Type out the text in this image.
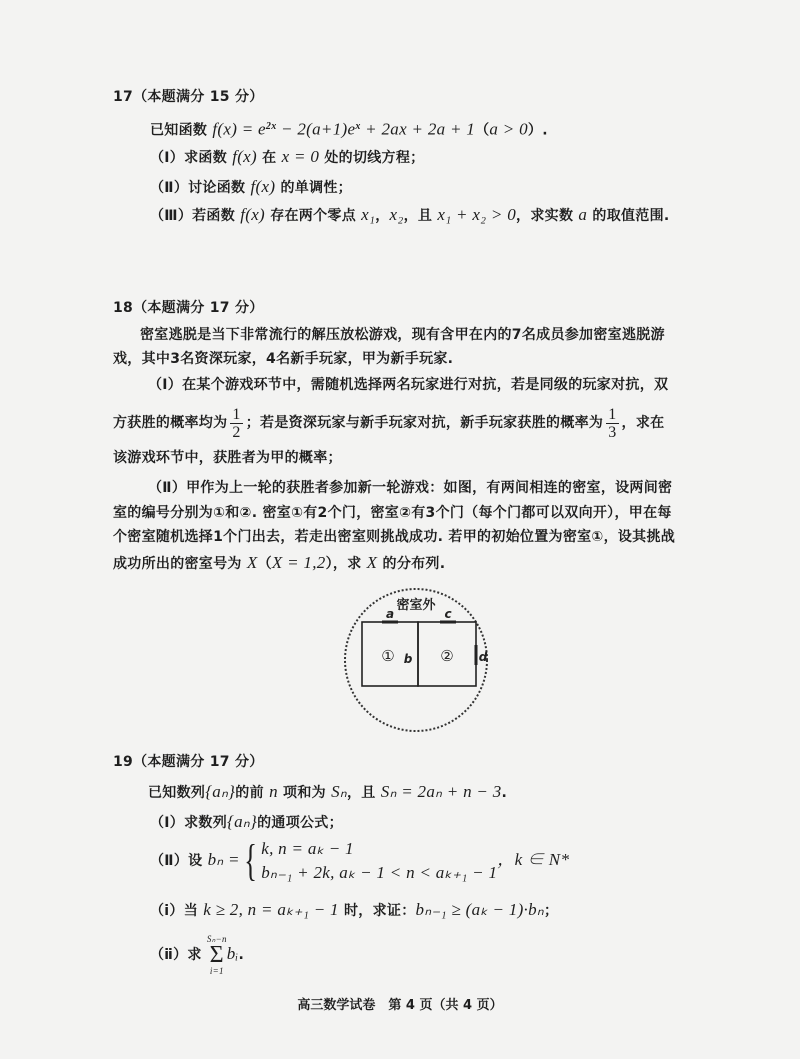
17（本题满分 15 分）
已知函数 $f(x) = e^{2x} - 2(a+1)e^x + 2ax + 2a + 1(a > 0)$.
（Ⅰ）求函数 f(x) 在 x = 0 处的切线方程；
（Ⅱ）讨论函数 f(x) 的单调性；
（Ⅲ）若函数 f(x) 存在两个零点 x₁，x₂，且 x₁ + x₂ > 0，求实数 a 的取值范围.
18（本题满分 17 分）
密室逃脱是当下非常流行的解压放松游戏，现有含甲在内的7名成员参加密室逃脱游
戏，其中3名资深玩家，4名新手玩家，甲为新手玩家.
（Ⅰ）在某个游戏环节中，需随机选择两名玩家进行对抗，若是同级的玩家对抗，双
方获胜的概率均为 $\frac{1}{2}$ ；若是资深玩家与新手玩家对抗，新手玩家获胜的概率为 $\frac{1}{3}$ ，求在
该游戏环节中，获胜者为甲的概率；
（Ⅱ）甲作为上一轮的获胜者参加新一轮游戏：如图，有两间相连的密室，设两间密
室的编号分别为①和②. 密室①有2个门，密室②有3个门（每个门都可以双向开），甲在每
个密室随机选择1个门出去，若走出密室则挑战成功. 若甲的初始位置为密室①，设其挑战
成功所出的密室号为 X（X = 1,2），求 X 的分布列.
密室外
a	c
b	d
①	②
19（本题满分 17 分）
已知数列{aₙ}的前 n 项和为 Sₙ，且 Sₙ = 2aₙ + n − 3.
（Ⅰ）求数列{aₙ}的通项公式；
（Ⅱ）设 bₙ ={ k, n = aₖ − 1
bₙ₋₁ + 2k, aₖ − 1 < n < aₖ₊₁ − 1
，k ∈ N*
（ⅰ）当 k ≥ 2, n = aₖ₊₁ − 1 时，求证：bₙ₋₁ ≥ (aₖ − 1)·bₙ；
（ⅱ）求
Sₙ−n
Σ
i=1
bᵢ.
高三数学试卷　第 4 页（共 4 页）
